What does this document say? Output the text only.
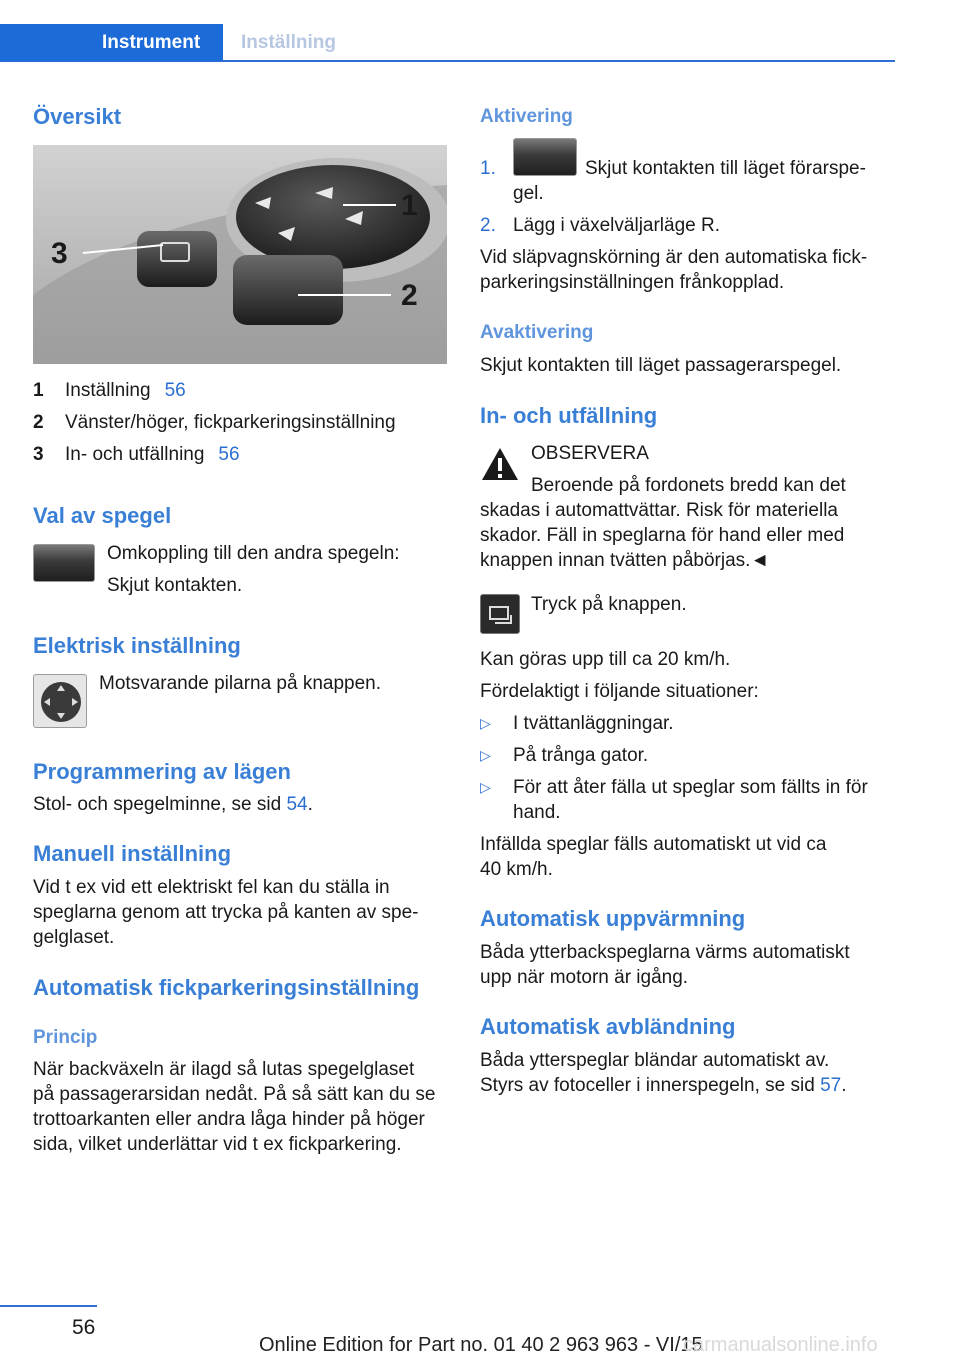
Instrument	Inställning
Översikt
1
2
3
1 Inställning 56
2 Vänster/höger, fickparkeringsinställning
3 In- och utfällning 56
Val av spegel
Omkoppling till den andra spegeln:
Skjut kontakten.
Elektrisk inställning
Motsvarande pilarna på knappen.
Programmering av lägen
Stol- och spegelminne, se sid 54.
Manuell inställning

Vid t ex vid ett elektriskt fel kan du ställa in

speglarna genom att trycka på kanten av spe‐

gelglaset.

Automatisk fickparkeringsinställning
Princip

När backväxeln är ilagd så lutas spegelglaset

på passagerarsidan nedåt. På så sätt kan du se

trottoarkanten eller andra låga hinder på höger

sida, vilket underlättar vid t ex fickparkering.

Aktivering
1.	Skjut kontakten till läget förarspe‐
gel.
2. Lägg i växelväljarläge R.

Vid släpvagnskörning är den automatiska fick‐

parkeringsinställningen frånkopplad.

Avaktivering
Skjut kontakten till läget passagerarspegel.
In- och utfällning
OBSERVERA
Beroende på fordonets bredd kan det

skadas i automattvättar. Risk för materiella

skador. Fäll in speglarna för hand eller med

knappen innan tvätten påbörjas.◄

Tryck på knappen.
Kan göras upp till ca 20 km/h.
Fördelaktigt i följande situationer:
▷ I tvättanläggningar.
▷ På trånga gator.
▷ För att åter fälla ut speglar som fällts in för
hand.

Infällda speglar fälls automatiskt ut vid ca

40 km/h.

Automatisk uppvärmning

Båda ytterbackspeglarna värms automatiskt

upp när motorn är igång.

Automatisk avbländning

Båda ytterspeglar bländar automatiskt av.

Styrs av fotoceller i innerspegeln, se sid 57.

56
Online Edition for Part no. 01 40 2 963 963 - VI/15
carmanualsonline.info
